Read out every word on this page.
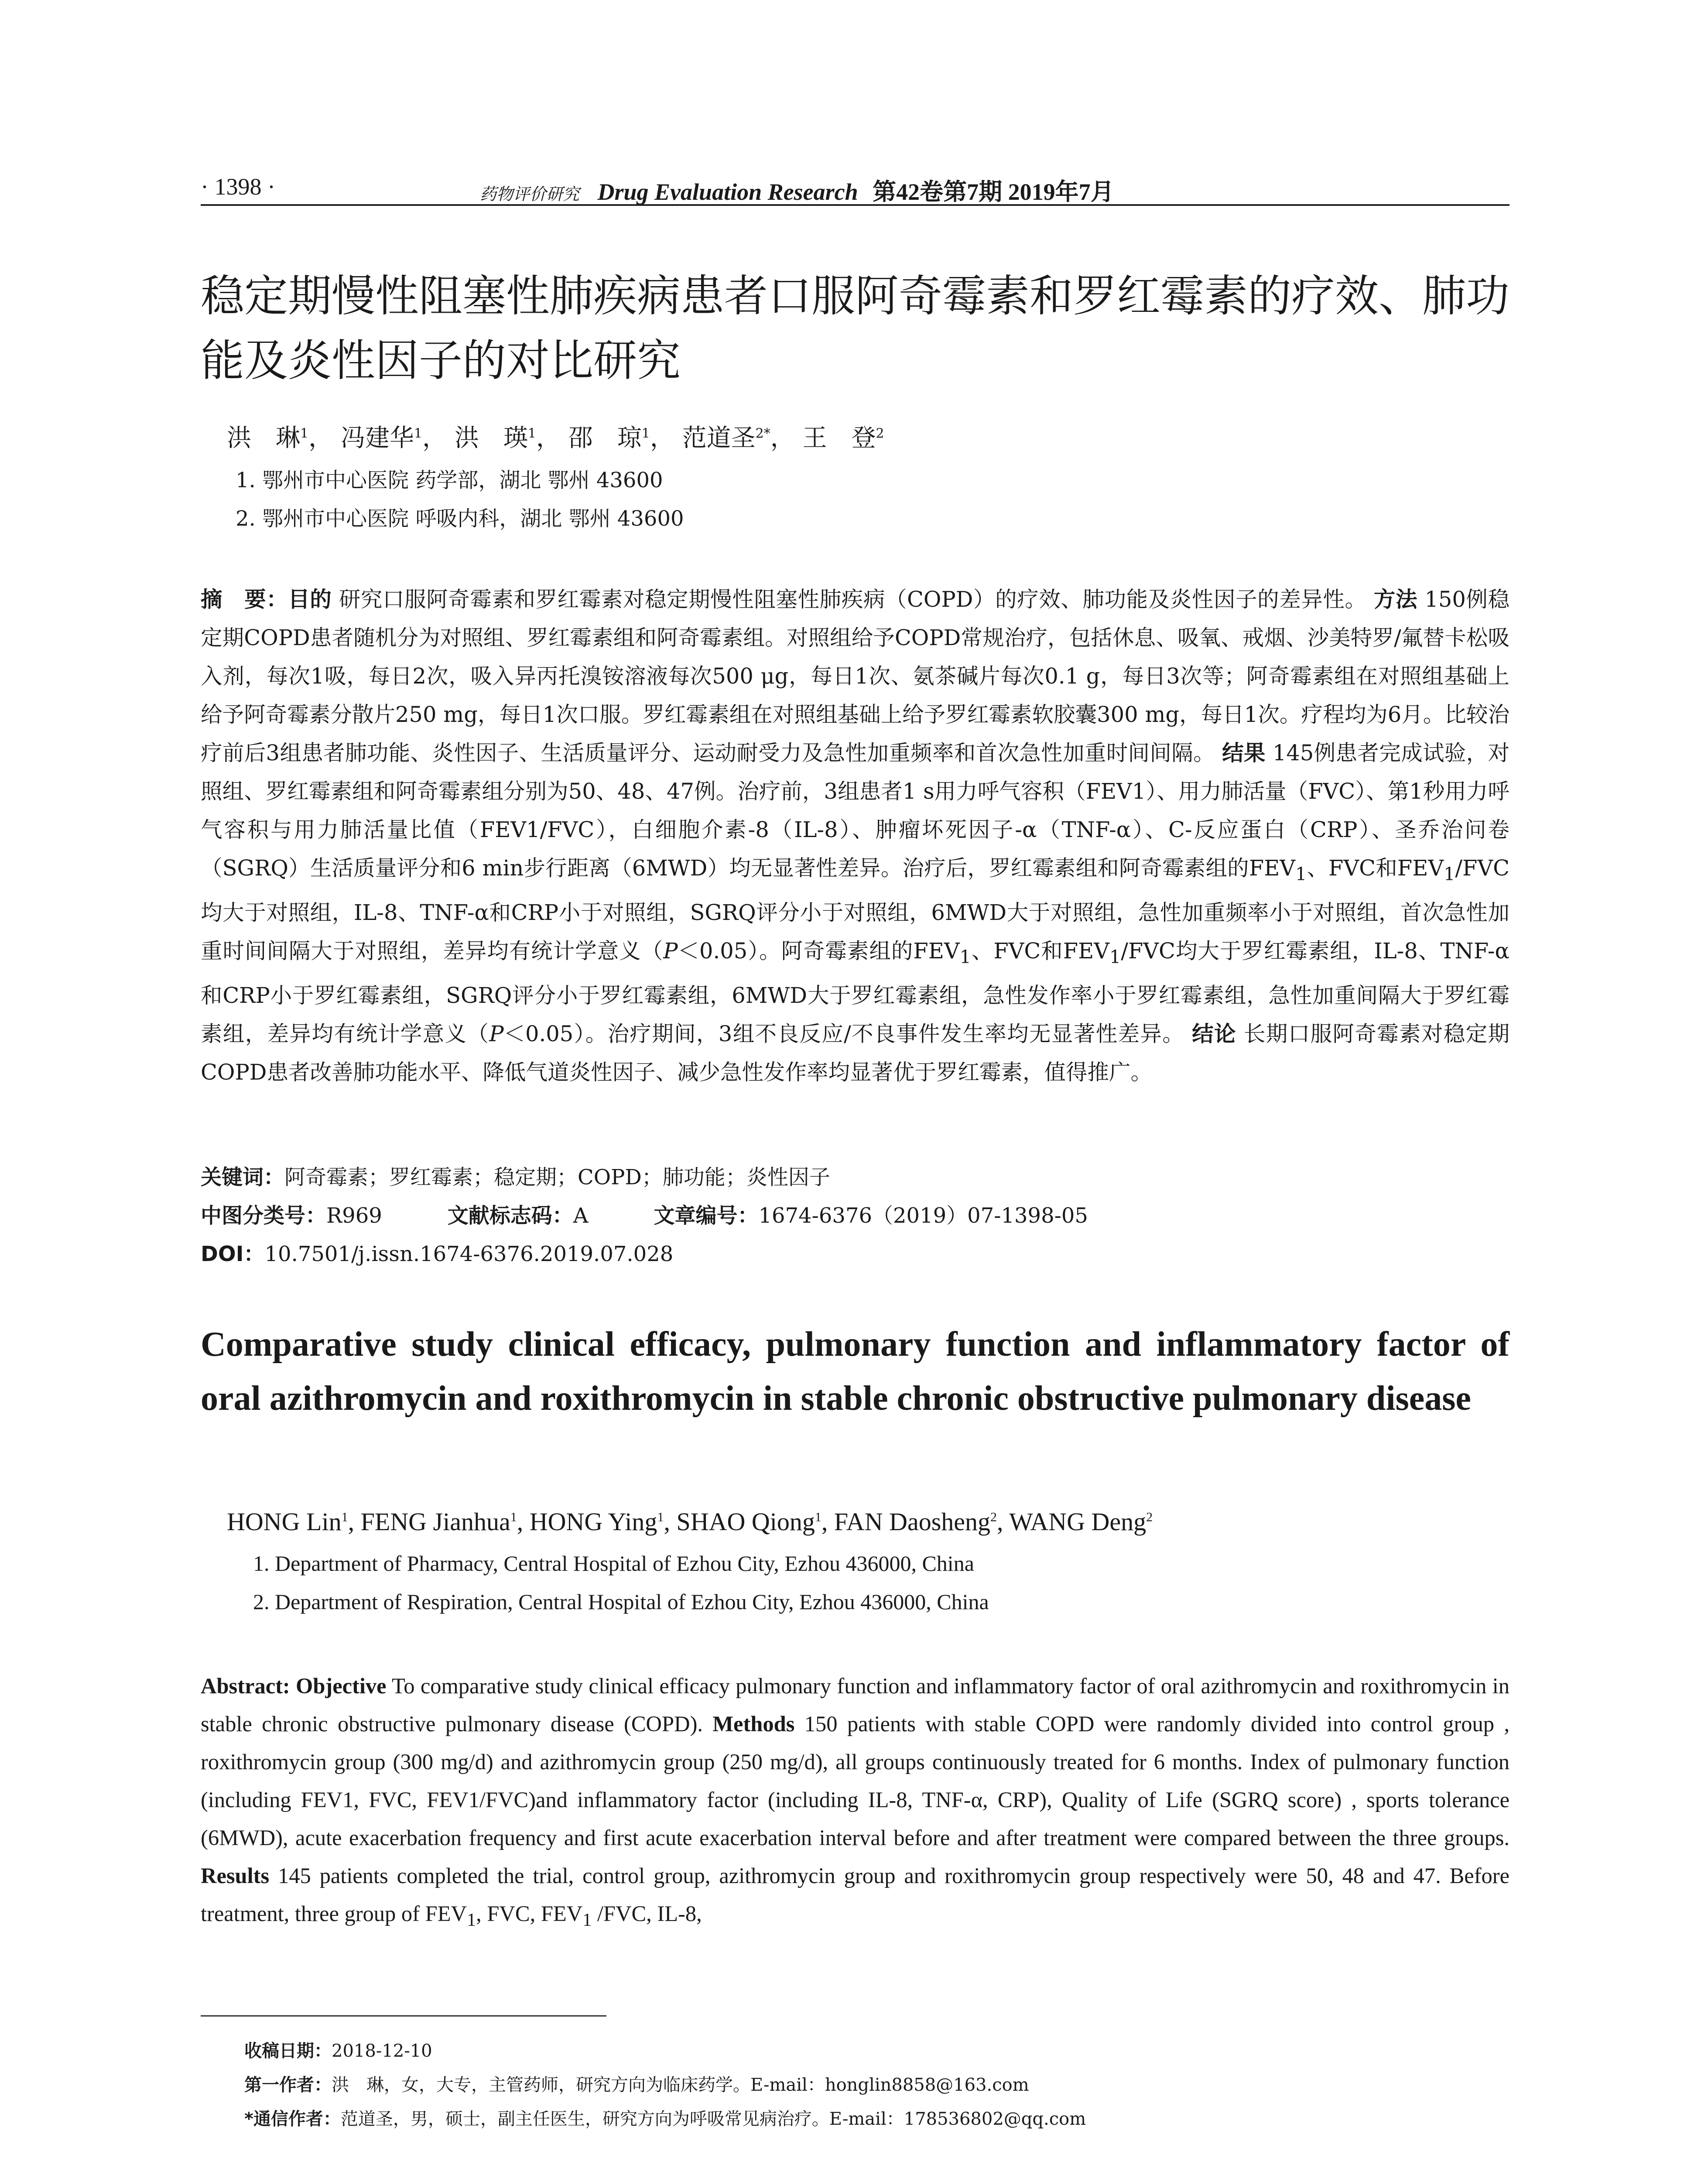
· 1398 ·	药物评价研究 Drug Evaluation Research 第42卷第7期 2019年7月
稳定期慢性阻塞性肺疾病患者口服阿奇霉素和罗红霉素的疗效、肺功能及炎性因子的对比研究
洪　琳$^1$， 冯建华$^1$， 洪　瑛$^1$， 邵　琼$^1$， 范道圣$^{2*}$， 王　登$^2$
1. 鄂州市中心医院 药学部，湖北 鄂州 43600
2. 鄂州市中心医院 呼吸内科，湖北 鄂州 43600
摘　要：目的 研究口服阿奇霉素和罗红霉素对稳定期慢性阻塞性肺疾病（COPD）的疗效、肺功能及炎性因子的差异性。 方法 150例稳定期COPD患者随机分为对照组、罗红霉素组和阿奇霉素组。对照组给予COPD常规治疗，包括休息、吸氧、戒烟、沙美特罗/氟替卡松吸入剂，每次1吸，每日2次，吸入异丙托溴铵溶液每次500 μg，每日1次、氨茶碱片每次0.1 g，每日3次等；阿奇霉素组在对照组基础上给予阿奇霉素分散片250 mg，每日1次口服。罗红霉素组在对照组基础上给予罗红霉素软胶囊300 mg，每日1次。疗程均为6月。比较治疗前后3组患者肺功能、炎性因子、生活质量评分、运动耐受力及急性加重频率和首次急性加重时间间隔。 结果 145例患者完成试验，对照组、罗红霉素组和阿奇霉素组分别为50、48、47例。治疗前，3组患者1 s用力呼气容积（FEV1）、用力肺活量（FVC）、第1秒用力呼气容积与用力肺活量比值（FEV1/FVC），白细胞介素-8（IL-8）、肿瘤坏死因子-α（TNF-α）、C-反应蛋白（CRP）、圣乔治问卷（SGRQ）生活质量评分和6 min步行距离（6MWD）均无显著性差异。治疗后，罗红霉素组和阿奇霉素组的$FEV_1$、FVC和$FEV_1$/FVC均大于对照组，IL-8、TNF-α和CRP小于对照组，SGRQ评分小于对照组，6MWD大于对照组，急性加重频率小于对照组，首次急性加重时间间隔大于对照组，差异均有统计学意义（P＜0.05）。阿奇霉素组的$FEV_1$、FVC和$FEV_1$/FVC均大于罗红霉素组，IL-8、TNF-α和CRP小于罗红霉素组，SGRQ评分小于罗红霉素组，6MWD大于罗红霉素组，急性发作率小于罗红霉素组，急性加重间隔大于罗红霉素组，差异均有统计学意义（P＜0.05）。治疗期间，3组不良反应/不良事件发生率均无显著性差异。 结论 长期口服阿奇霉素对稳定期COPD患者改善肺功能水平、降低气道炎性因子、减少急性发作率均显著优于罗红霉素，值得推广。
关键词：阿奇霉素；罗红霉素；稳定期；COPD；肺功能；炎性因子
中图分类号：R969	文献标志码：A	文章编号：1674-6376（2019）07-1398-05
DOI：10.7501/j.issn.1674-6376.2019.07.028
Comparative study clinical efficacy, pulmonary function and inflammatory factor of oral azithromycin and roxithromycin in stable chronic obstructive pulmonary disease
HONG Lin$^1$, FENG Jianhua$^1$, HONG Ying$^1$, SHAO Qiong$^1$, FAN Daosheng$^2$, WANG Deng$^2$
1. Department of Pharmacy, Central Hospital of Ezhou City, Ezhou 436000, China
2. Department of Respiration, Central Hospital of Ezhou City, Ezhou 436000, China
Abstract: Objective To comparative study clinical efficacy pulmonary function and inflammatory factor of oral azithromycin and roxithromycin in stable chronic obstructive pulmonary disease (COPD). Methods 150 patients with stable COPD were randomly divided into control group , roxithromycin group (300 mg/d) and azithromycin group (250 mg/d), all groups continuously treated for 6 months. Index of pulmonary function (including FEV1, FVC, FEV1/FVC)and inflammatory factor (including IL-8, TNF-α, CRP), Quality of Life (SGRQ score) , sports tolerance (6MWD), acute exacerbation frequency and first acute exacerbation interval before and after treatment were compared between the three groups. Results 145 patients completed the trial, control group, azithromycin group and roxithromycin group respectively were 50, 48 and 47. Before treatment, three group of $FEV_1$, FVC, $FEV_1$ /FVC, IL-8,
收稿日期：2018-12-10
第一作者：洪　琳，女，大专，主管药师，研究方向为临床药学。E-mail：honglin8858@163.com
*通信作者：范道圣，男，硕士，副主任医生，研究方向为呼吸常见病治疗。E-mail：178536802@qq.com
